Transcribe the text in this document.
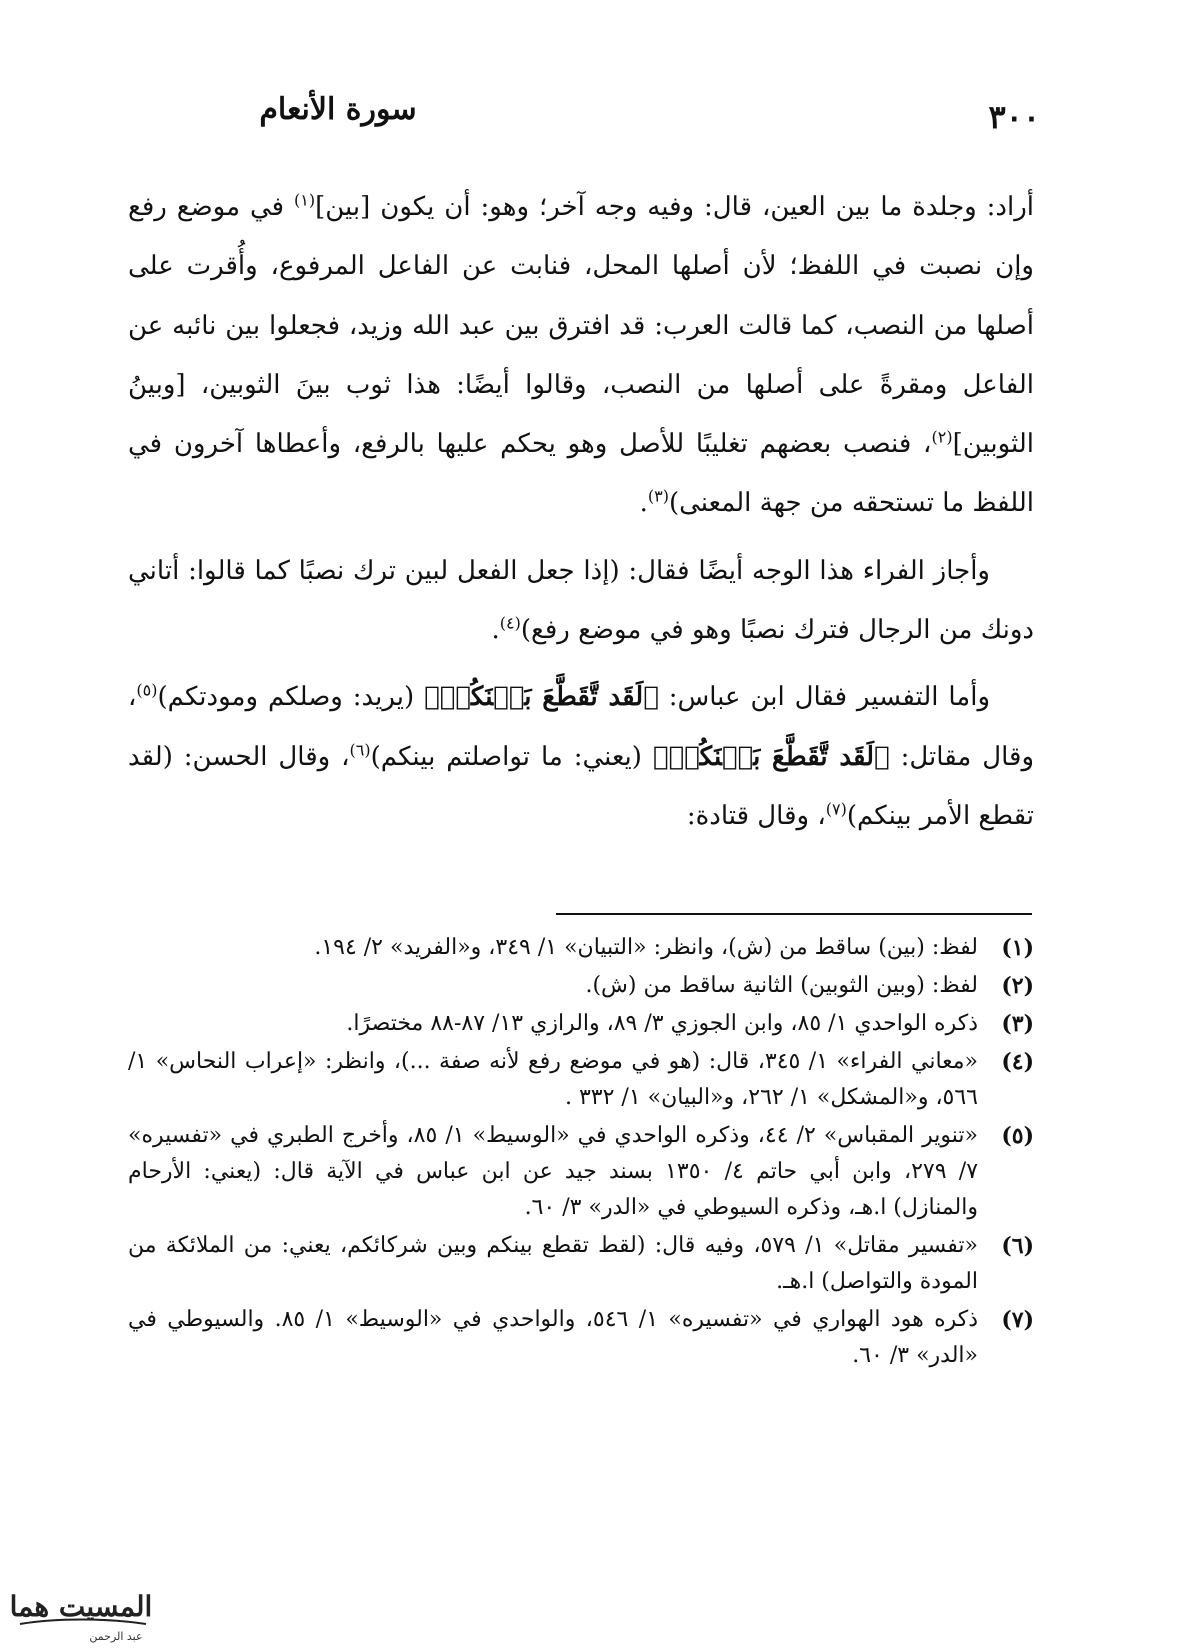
سورة الأنعام	٣٠٠

أراد: وجلدة ما بين العين، قال: وفيه وجه آخر؛ وهو: أن يكون [بين]$^{(١)}$ في موضع رفع وإن نصبت في اللفظ؛ لأن أصلها المحل، فنابت عن الفاعل المرفوع، وأُقرت على أصلها من النصب، كما قالت العرب: قد افترق بين عبد الله وزيد، فجعلوا بين نائبه عن الفاعل ومقرةً على أصلها من النصب، وقالوا أيضًا: هذا ثوب بينَ الثوبين، [وبينُ الثوبين]$^{(٢)}$، فنصب بعضهم تغليبًا للأصل وهو يحكم عليها بالرفع، وأعطاها آخرون في اللفظ ما تستحقه من جهة المعنى)$^{(٣)}$.

وأجاز الفراء هذا الوجه أيضًا فقال: (إذا جعل الفعل لبين ترك نصبًا كما قالوا: أتاني دونك من الرجال فترك نصبًا وهو في موضع رفع)$^{(٤)}$.

وأما التفسير فقال ابن عباس: ﴿لَقَد تَّقَطَّعَ بَيۡنَكُمۡ﴾ (يريد: وصلكم ومودتكم)$^{(٥)}$، وقال مقاتل: ﴿لَقَد تَّقَطَّعَ بَيۡنَكُمۡ﴾ (يعني: ما تواصلتم بينكم)$^{(٦)}$، وقال الحسن: (لقد تقطع الأمر بينكم)$^{(٧)}$، وقال قتادة:

(١)
لفظ: (بين) ساقط من (ش)، وانظر: «التبيان» ١/ ٣٤٩، و«الفريد» ٢/ ١٩٤.
(٢)
لفظ: (وبين الثوبين) الثانية ساقط من (ش).
(٣)
ذكره الواحدي ١/ ٨٥، وابن الجوزي ٣/ ٨٩، والرازي ١٣/ ٨٧-٨٨ مختصرًا.
(٤)
«معاني الفراء» ١/ ٣٤٥، قال: (هو في موضع رفع لأنه صفة ...)، وانظر: «إعراب النحاس» ١/ ٥٦٦، و«المشكل» ١/ ٢٦٢، و«البيان» ١/ ٣٣٢ .
(٥)
«تنوير المقباس» ٢/ ٤٤، وذكره الواحدي في «الوسيط» ١/ ٨٥، وأخرج الطبري في «تفسيره» ٧/ ٢٧٩، وابن أبي حاتم ٤/ ١٣٥٠ بسند جيد عن ابن عباس في الآية قال: (يعني: الأرحام والمنازل) ا.هـ، وذكره السيوطي في «الدر» ٣/ ٦٠.
(٦)
«تفسير مقاتل» ١/ ٥٧٩، وفيه قال: (لقط تقطع بينكم وبين شركائكم، يعني: من الملائكة من المودة والتواصل) ا.هـ.
(٧)
ذكره هود الهواري في «تفسيره» ١/ ٥٤٦، والواحدي في «الوسيط» ١/ ٨٥. والسيوطي في «الدر» ٣/ ٦٠.
المسيت هما
عبد الرحمن
